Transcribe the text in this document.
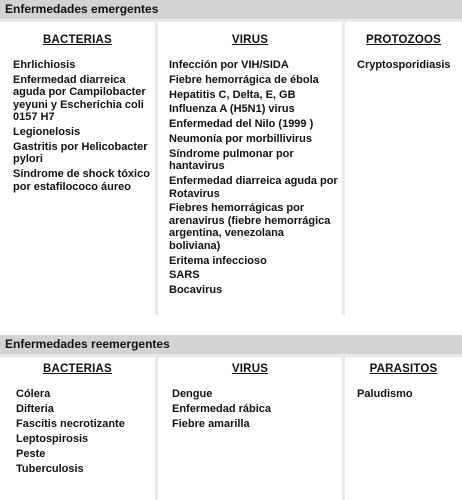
Enfermedades emergentes
BACTERIAS
Ehrlichiosis
Enfermedad diarreica aguda por Campilobacter yeyuni y Escherichia coli 0157 H7
Legionelosis
Gastritis por Helicobacter pylori
Síndrome de shock tóxico por estafilococo áureo
VIRUS
Infección por VIH/SIDA
Fiebre hemorrágica de ébola
Hepatitis C, Delta, E, GB
Influenza A (H5N1) virus
Enfermedad del Nilo (1999 )
Neumonía por morbillivirus
Síndrome pulmonar por hantavirus
Enfermedad diarreica aguda por Rotavirus
Fiebres hemorrágicas por arenavirus (fiebre hemorrágica argentina, venezolana boliviana)
Eritema infeccioso
SARS
Bocavirus
PROTOZOOS
Cryptosporidiasis
Enfermedades reemergentes
BACTERIAS
Cólera
Difteria
Fascitis necrotizante
Leptospirosis
Peste
Tuberculosis
VIRUS
Dengue
Enfermedad rábica
Fiebre amarilla
PARASITOS
Paludismo
